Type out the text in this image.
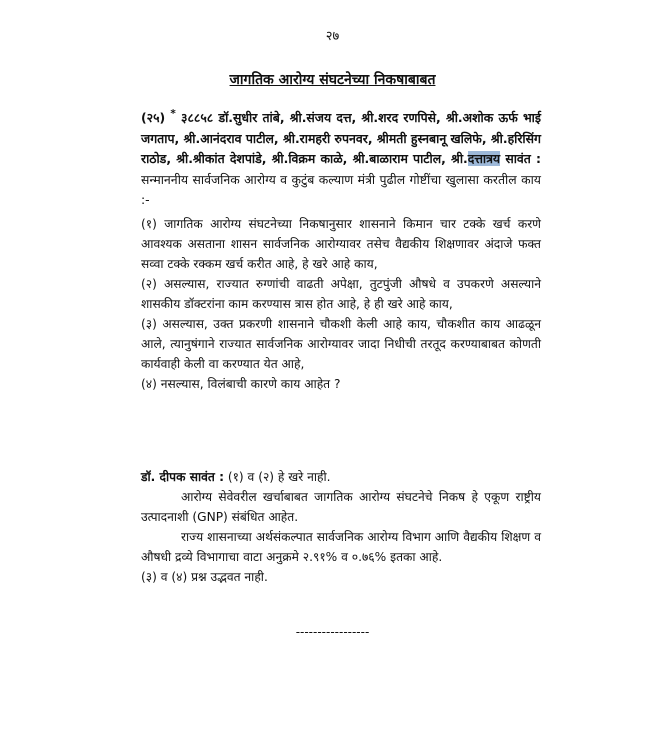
२७
जागतिक आरोग्य संघटनेच्या निकषाबाबत
(२५) * ३८८५८ डॉ.सुधीर तांबे, श्री.संजय दत्त, श्री.शरद रणपिसे, श्री.अशोक ऊर्फ भाई जगताप, श्री.आनंदराव पाटील, श्री.रामहरी रुपनवर, श्रीमती हुस्नबानू खलिफे, श्री.हरिसिंग राठोड, श्री.श्रीकांत देशपांडे, श्री.विक्रम काळे, श्री.बाळाराम पाटील, श्री.दत्तात्रय सावंत : सन्माननीय सार्वजनिक आरोग्य व कुटुंब कल्याण मंत्री पुढील गोष्टींचा खुलासा करतील काय :-

(१) जागतिक आरोग्य संघटनेच्या निकषानुसार शासनाने किमान चार टक्के खर्च करणे आवश्यक असताना शासन सार्वजनिक आरोग्यावर तसेच वैद्यकीय शिक्षणावर अंदाजे फक्त सव्वा टक्के रक्कम खर्च करीत आहे, हे खरे आहे काय,

(२) असल्यास, राज्यात रुग्णांची वाढती अपेक्षा, तुटपुंजी औषधे व उपकरणे असल्याने शासकीय डॉक्टरांना काम करण्यास त्रास होत आहे, हे ही खरे आहे काय,

(३) असल्यास, उक्त प्रकरणी शासनाने चौकशी केली आहे काय, चौकशीत काय आढळून आले, त्यानुषंगाने राज्यात सार्वजनिक आरोग्यावर जादा निधीची तरतूद करण्याबाबत कोणती कार्यवाही केली वा करण्यात येत आहे,

(४) नसल्यास, विलंबाची कारणे काय आहेत ?

डॉ. दीपक सावंत : (१) व (२) हे खरे नाही.

आरोग्य सेवेवरील खर्चाबाबत जागतिक आरोग्य संघटनेचे निकष हे एकूण राष्ट्रीय उत्पादनाशी (GNP) संबंधित आहेत.

राज्य शासनाच्या अर्थसंकल्पात सार्वजनिक आरोग्य विभाग आणि वैद्यकीय शिक्षण व औषधी द्रव्ये विभागाचा वाटा अनुक्रमे २.९१% व ०.७६% इतका आहे.

(३) व (४) प्रश्न उद्भवत नाही.

-----------------
